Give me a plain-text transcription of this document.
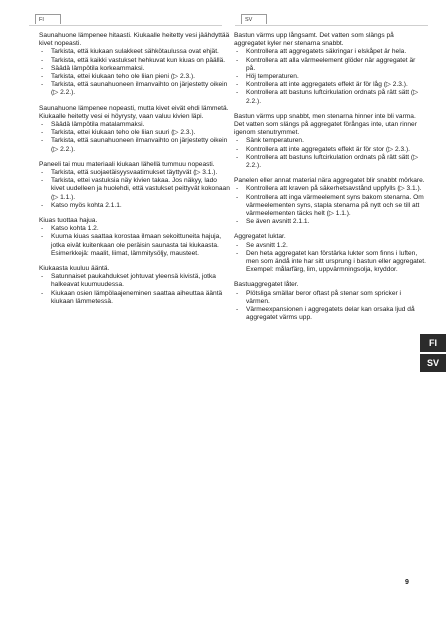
FI	SV

Saunahuone lämpenee hitaasti. Kiukaalle heitetty vesi jäähdyttää kivet nopeasti.

- Tarkista, että kiukaan sulakkeet sähkötaulussa ovat ehjät.
- Tarkista, että kaikki vastukset hehkuvat kun kiuas on päällä.
- Säädä lämpötila korkeammaksi.
- Tarkista, ettei kiukaan teho ole liian pieni (▷ 2.3.).
- Tarkista, että saunahuoneen ilmanvaihto on järjestetty oikein (▷ 2.2.).

Saunahuone lämpenee nopeasti, mutta kivet eivät ehdi lämmetä. Kiukaalle heitetty vesi ei höyrysty, vaan valuu kivien läpi.

- Säädä lämpötila matalammaksi.
- Tarkista, ettei kiukaan teho ole liian suuri (▷ 2.3.).
- Tarkista, että saunahuoneen ilmanvaihto on järjestetty oikein (▷ 2.2.).

Paneeli tai muu materiaali kiukaan lähellä tummuu nopeasti.

- Tarkista, että suojaetäisyysvaatimukset täyttyvät (▷ 3.1.).
- Tarkista, ettei vastuksia näy kivien takaa. Jos näkyy, lado kivet uudelleen ja huolehdi, että vastukset peittyvät kokonaan (▷ 1.1.).
- Katso myös kohta 2.1.1.

Kiuas tuottaa hajua.

- Katso kohta 1.2.
- Kuuma kiuas saattaa korostaa ilmaan sekoittuneita hajuja, jotka eivät kuitenkaan ole peräisin saunasta tai kiukaasta. Esimerkkejä: maalit, liimat, lämmitysöljy, mausteet.

Kiukaasta kuuluu ääntä.

- Satunnaiset paukahdukset johtuvat yleensä kivistä, jotka halkeavat kuumuudessa.
- Kiukaan osien lämpölaajeneminen saattaa aiheuttaa ääntä kiukaan lämmetessä.

Bastun värms upp långsamt. Det vatten som slängs på aggregatet kyler ner stenarna snabbt.

- Kontrollera att aggregatets säkringar i elskåpet är hela.
- Kontrollera att alla värmeelement glöder när aggregatet är på.
- Höj temperaturen.
- Kontrollera att inte aggregatets effekt är för låg (▷ 2.3.).
- Kontrollera att bastuns luftcirkulation ordnats på rätt sätt (▷ 2.2.).

Bastun värms upp snabbt, men stenarna hinner inte bli varma. Det vatten som slängs på aggregatet förångas inte, utan rinner igenom stenutrymmet.

- Sänk temperaturen.
- Kontrollera att inte aggregatets effekt är för stor (▷ 2.3.).
- Kontrollera att bastuns luftcirkulation ordnats på rätt sätt (▷ 2.2.).

Panelen eller annat material nära aggregatet blir snabbt mörkare.

- Kontrollera att kraven på säkerhetsavstånd uppfylls (▷ 3.1.).
- Kontrollera att inga värmeelement syns bakom stenarna. Om värmeelementen syns, stapla stenarna på nytt och se till att värmeelementen täcks helt (▷ 1.1.).
- Se även avsnitt 2.1.1.

Aggregatet luktar.

- Se avsnitt 1.2.
- Den heta aggregatet kan förstärka lukter som finns i luften, men som ändå inte har sitt ursprung i bastun eller aggregatet. Exempel: målarfärg, lim, uppvärmningsolja, kryddor.

Bastuaggregatet låter.

- Plötsliga smällar beror oftast på stenar som spricker i värmen.
- Värmeexpansionen i aggregatets delar kan orsaka ljud då aggregatet värms upp.
FI
SV
9
